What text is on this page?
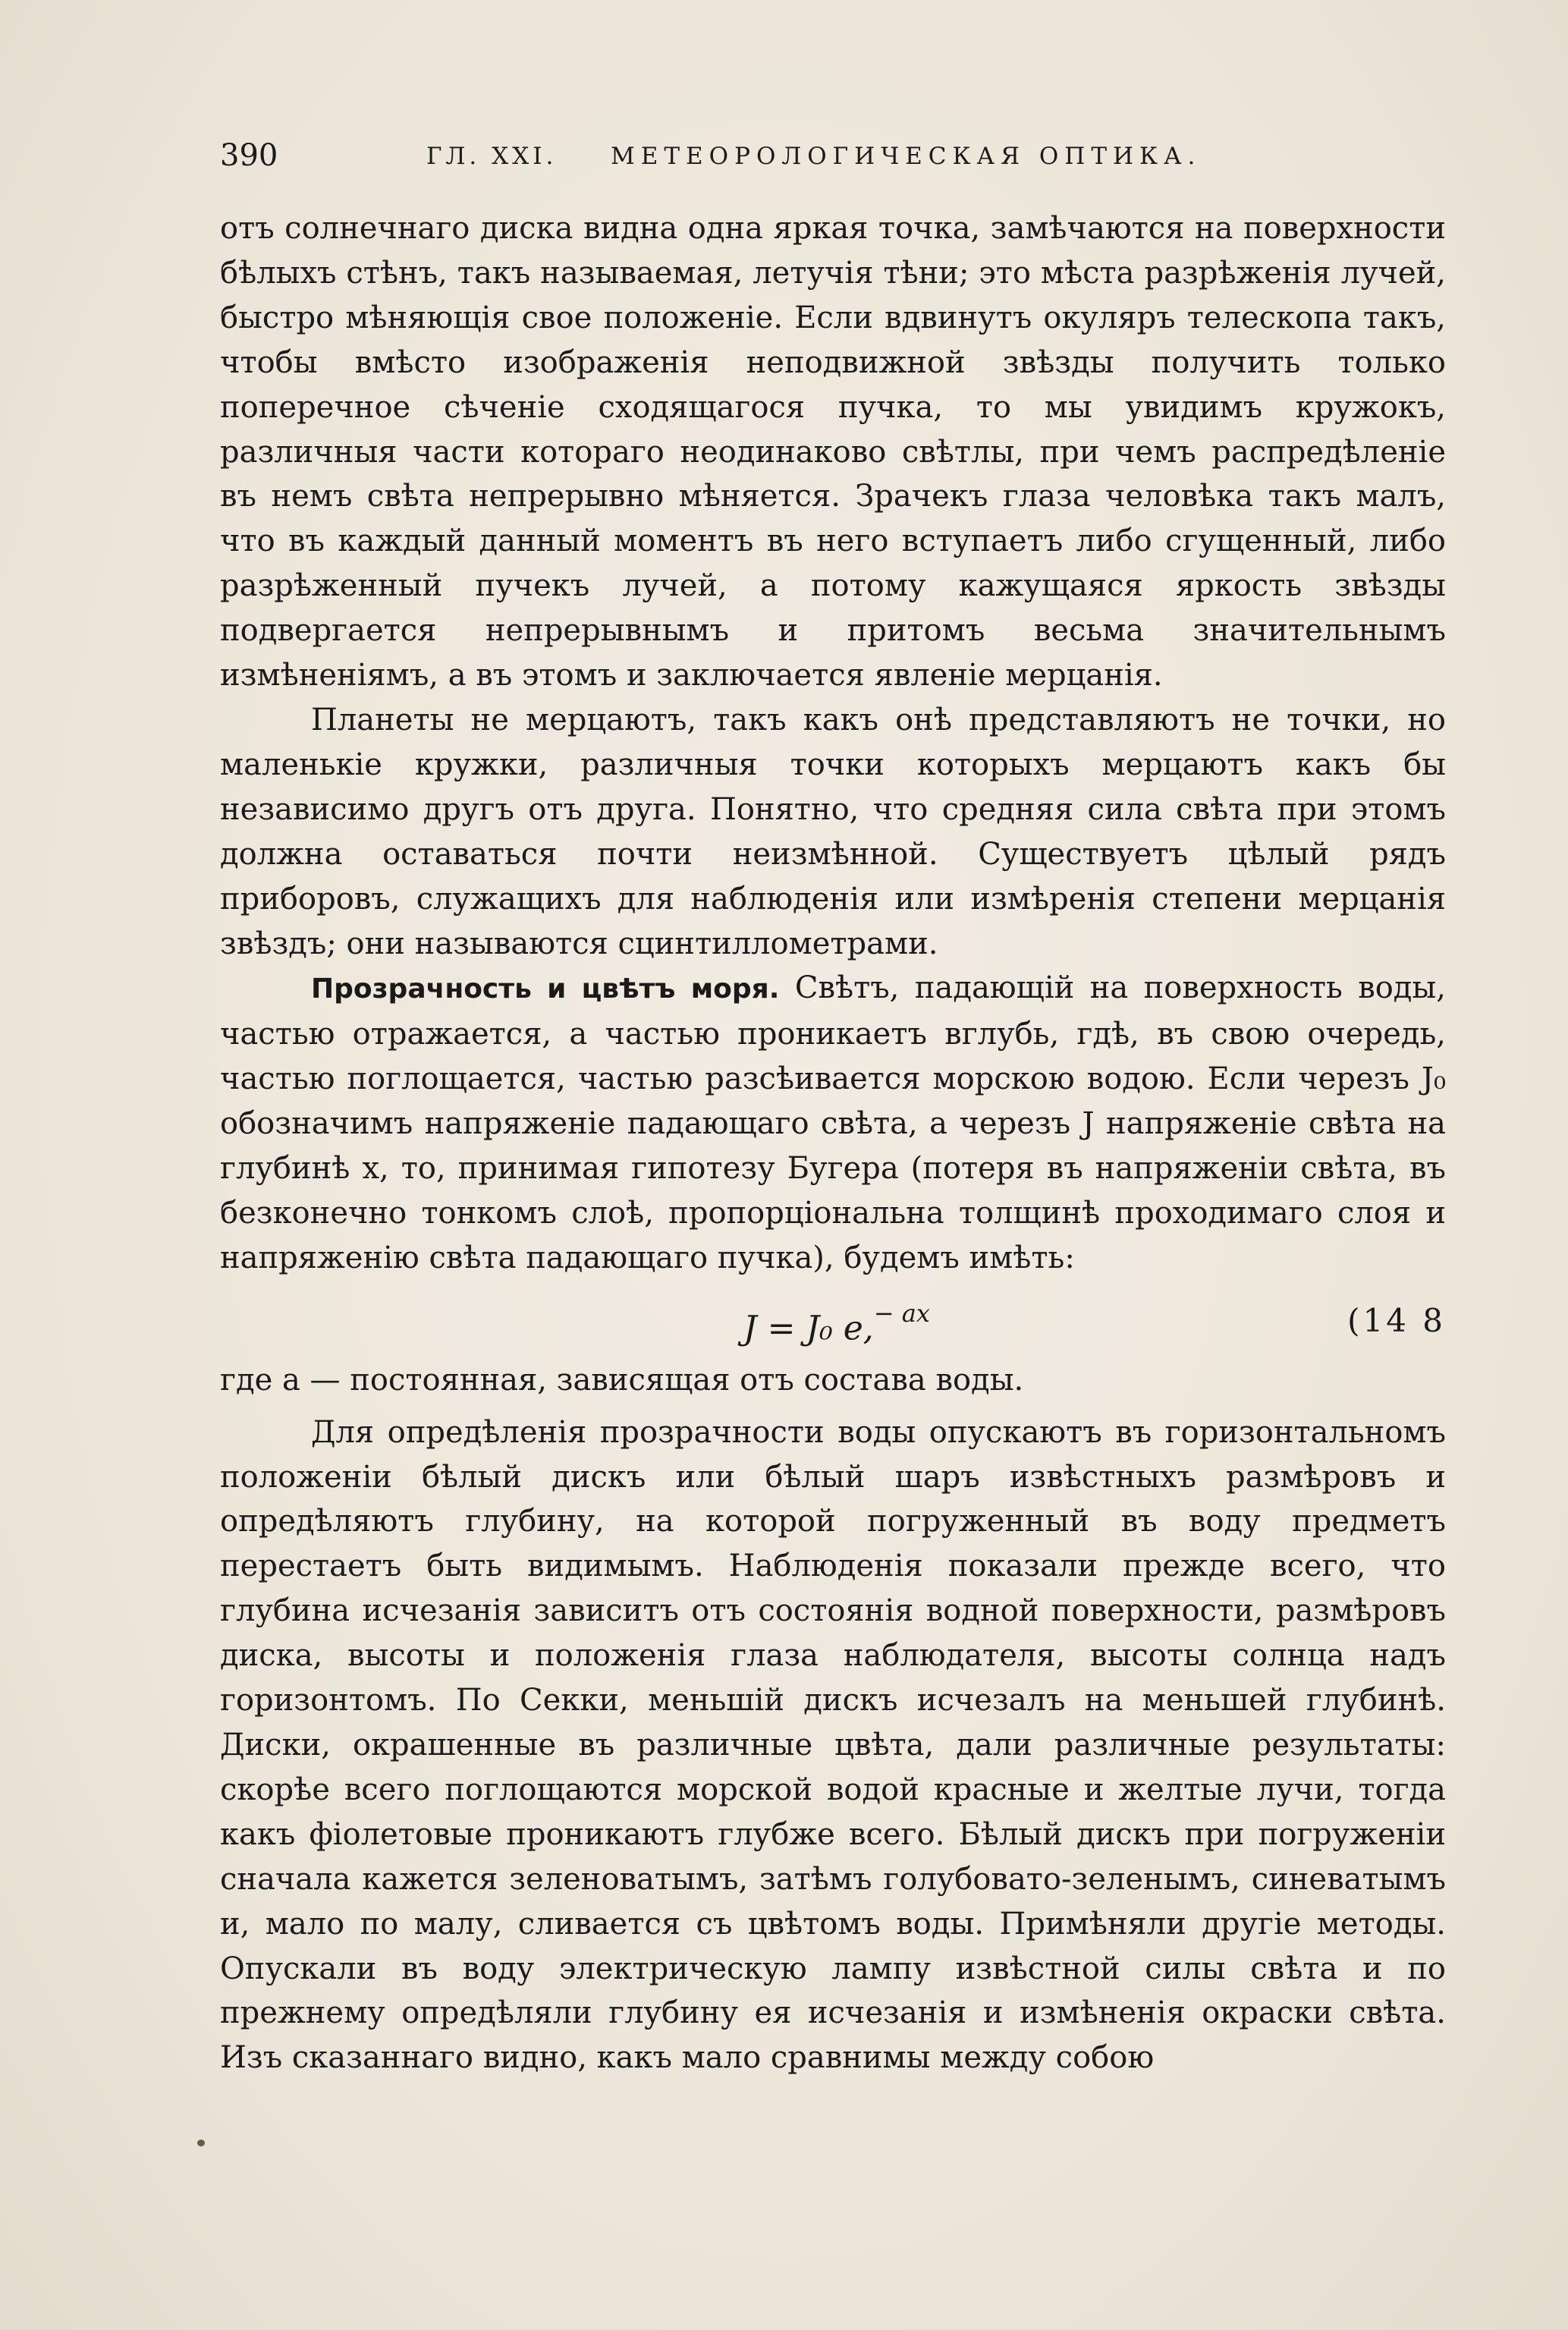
390	ГЛ. XXI. МЕТЕОРОЛОГИЧЕСКАЯ ОПТИКА.

отъ солнечнаго диска видна одна яркая точка, замѣчаются на поверхности бѣлыхъ стѣнъ, такъ называемая, летучія тѣни; это мѣста разрѣженія лучей, быстро мѣняющія свое положеніе. Если вдвинутъ окуляръ телескопа такъ, чтобы вмѣсто изображенія неподвижной звѣзды получить только поперечное сѣченіе сходящагося пучка, то мы увидимъ кружокъ, различныя части котораго неодинаково свѣтлы, при чемъ распредѣленіе въ немъ свѣта непрерывно мѣняется. Зрачекъ глаза человѣка такъ малъ, что въ каждый данный моментъ въ него вступаетъ либо сгущенный, либо разрѣженный пучекъ лучей, а потому кажущаяся яркость звѣзды подвергается непрерывнымъ и притомъ весьма значительнымъ измѣненіямъ, а въ этомъ и заключается явленіе мерцанія.

Планеты не мерцаютъ, такъ какъ онѣ представляютъ не точки, но маленькіе кружки, различныя точки которыхъ мерцаютъ какъ бы независимо другъ отъ друга. Понятно, что средняя сила свѣта при этомъ должна оставаться почти неизмѣнной. Существуетъ цѣлый рядъ приборовъ, служащихъ для наблюденія или измѣренія степени мерцанія звѣздъ; они называются сцинтиллометрами.

Прозрачность и цвѣтъ моря. Свѣтъ, падающій на поверхность воды, частью отражается, а частью проникаетъ вглубь, гдѣ, въ свою очередь, частью поглощается, частью разсѣивается морскою водою. Если черезъ J₀ обозначимъ напряженіе падающаго свѣта, а черезъ J напряженіе свѣта на глубинѣ x, то, принимая гипотезу Бугера (потеря въ напряженіи свѣта, въ безконечно тонкомъ слоѣ, пропорціональна толщинѣ проходимаго слоя и напряженію свѣта падающаго пучка), будемъ имѣть:

J = J₀ e,$^{- ax}$	(14 8

где a — постоянная, зависящая отъ состава воды.

Для опредѣленія прозрачности воды опускаютъ въ горизонтальномъ положеніи бѣлый дискъ или бѣлый шаръ извѣстныхъ размѣровъ и опредѣляютъ глубину, на которой погруженный въ воду предметъ перестаетъ быть видимымъ. Наблюденія показали прежде всего, что глубина исчезанія зависитъ отъ состоянія водной поверхности, размѣровъ диска, высоты и положенія глаза наблюдателя, высоты солнца надъ горизонтомъ. По Секки, меньшій дискъ исчезалъ на меньшей глубинѣ. Диски, окрашенные въ различные цвѣта, дали различные результаты: скорѣе всего поглощаются морской водой красные и желтые лучи, тогда какъ фіолетовые проникаютъ глубже всего. Бѣлый дискъ при погруженіи сначала кажется зеленоватымъ, затѣмъ голубовато-зеленымъ, синеватымъ и, мало по малу, сливается съ цвѣтомъ воды. Примѣняли другіе методы. Опускали въ воду электрическую лампу извѣстной силы свѣта и по прежнему опредѣляли глубину ея исчезанія и измѣненія окраски свѣта. Изъ сказаннаго видно, какъ мало сравнимы между собою
